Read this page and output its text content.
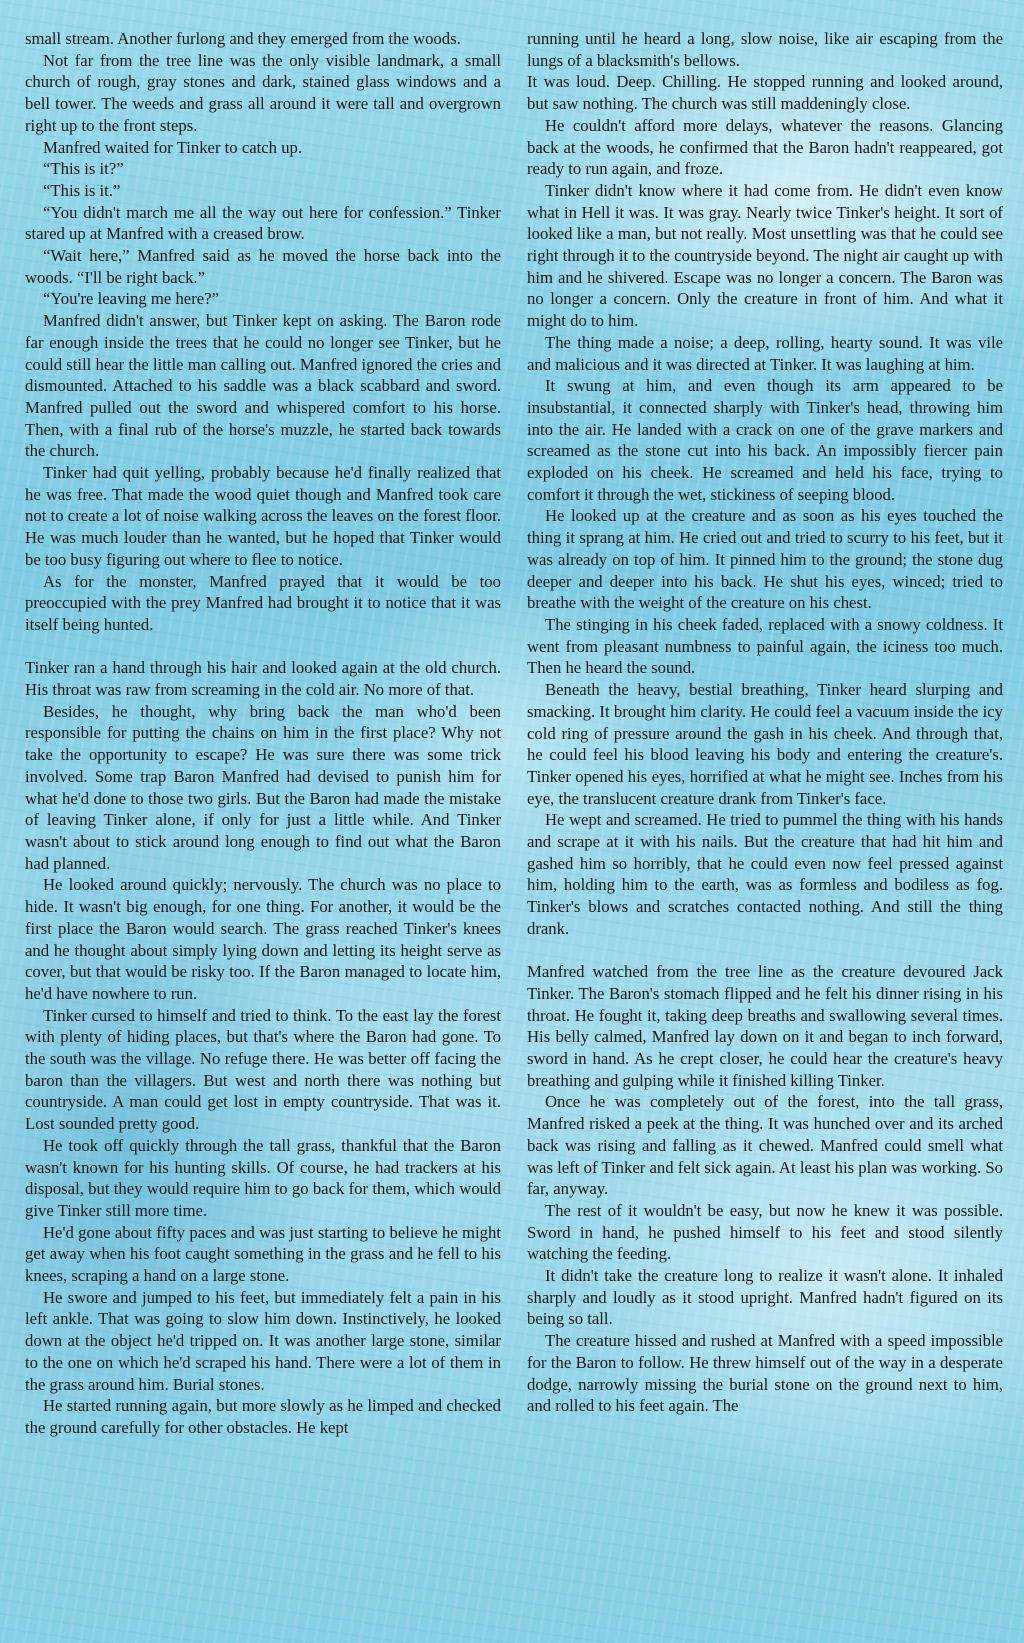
small stream. Another furlong and they emerged from the woods.

Not far from the tree line was the only visible landmark, a small church of rough, gray stones and dark, stained glass windows and a bell tower. The weeds and grass all around it were tall and overgrown right up to the front steps.

Manfred waited for Tinker to catch up.

“This is it?”

“This is it.”

“You didn't march me all the way out here for confession.” Tinker stared up at Manfred with a creased brow.

“Wait here,” Manfred said as he moved the horse back into the woods. “I'll be right back.”

“You're leaving me here?”

Manfred didn't answer, but Tinker kept on asking. The Baron rode far enough inside the trees that he could no longer see Tinker, but he could still hear the little man calling out. Manfred ignored the cries and dismounted. Attached to his saddle was a black scabbard and sword. Manfred pulled out the sword and whispered comfort to his horse. Then, with a final rub of the horse's muzzle, he started back towards the church.

Tinker had quit yelling, probably because he'd finally realized that he was free. That made the wood quiet though and Manfred took care not to create a lot of noise walking across the leaves on the forest floor. He was much louder than he wanted, but he hoped that Tinker would be too busy figuring out where to flee to notice.

As for the monster, Manfred prayed that it would be too preoccupied with the prey Manfred had brought it to notice that it was itself being hunted.

Tinker ran a hand through his hair and looked again at the old church. His throat was raw from screaming in the cold air. No more of that.

Besides, he thought, why bring back the man who'd been responsible for putting the chains on him in the first place? Why not take the opportunity to escape? He was sure there was some trick involved. Some trap Baron Manfred had devised to punish him for what he'd done to those two girls. But the Baron had made the mistake of leaving Tinker alone, if only for just a little while. And Tinker wasn't about to stick around long enough to find out what the Baron had planned.

He looked around quickly; nervously. The church was no place to hide. It wasn't big enough, for one thing. For another, it would be the first place the Baron would search. The grass reached Tinker's knees and he thought about simply lying down and letting its height serve as cover, but that would be risky too. If the Baron managed to locate him, he'd have nowhere to run.

Tinker cursed to himself and tried to think. To the east lay the forest with plenty of hiding places, but that's where the Baron had gone. To the south was the village. No refuge there. He was better off facing the baron than the villagers. But west and north there was nothing but countryside. A man could get lost in empty countryside. That was it. Lost sounded pretty good.

He took off quickly through the tall grass, thankful that the Baron wasn't known for his hunting skills. Of course, he had trackers at his disposal, but they would require him to go back for them, which would give Tinker still more time.

He'd gone about fifty paces and was just starting to believe he might get away when his foot caught something in the grass and he fell to his knees, scraping a hand on a large stone.

He swore and jumped to his feet, but immediately felt a pain in his left ankle. That was going to slow him down. Instinctively, he looked down at the object he'd tripped on. It was another large stone, similar to the one on which he'd scraped his hand. There were a lot of them in the grass around him. Burial stones.

He started running again, but more slowly as he limped and checked the ground carefully for other obstacles. He kept

running until he heard a long, slow noise, like air escaping from the lungs of a blacksmith's bellows.

It was loud. Deep. Chilling. He stopped running and looked around, but saw nothing. The church was still maddeningly close.

He couldn't afford more delays, whatever the reasons. Glancing back at the woods, he confirmed that the Baron hadn't reappeared, got ready to run again, and froze.

Tinker didn't know where it had come from. He didn't even know what in Hell it was. It was gray. Nearly twice Tinker's height. It sort of looked like a man, but not really. Most unsettling was that he could see right through it to the countryside beyond. The night air caught up with him and he shivered. Escape was no longer a concern. The Baron was no longer a concern. Only the creature in front of him. And what it might do to him.

The thing made a noise; a deep, rolling, hearty sound. It was vile and malicious and it was directed at Tinker. It was laughing at him.

It swung at him, and even though its arm appeared to be insubstantial, it connected sharply with Tinker's head, throwing him into the air. He landed with a crack on one of the grave markers and screamed as the stone cut into his back. An impossibly fiercer pain exploded on his cheek. He screamed and held his face, trying to comfort it through the wet, stickiness of seeping blood.

He looked up at the creature and as soon as his eyes touched the thing it sprang at him. He cried out and tried to scurry to his feet, but it was already on top of him. It pinned him to the ground; the stone dug deeper and deeper into his back. He shut his eyes, winced; tried to breathe with the weight of the creature on his chest.

The stinging in his cheek faded, replaced with a snowy coldness. It went from pleasant numbness to painful again, the iciness too much. Then he heard the sound.

Beneath the heavy, bestial breathing, Tinker heard slurping and smacking. It brought him clarity. He could feel a vacuum inside the icy cold ring of pressure around the gash in his cheek. And through that, he could feel his blood leaving his body and entering the creature's. Tinker opened his eyes, horrified at what he might see. Inches from his eye, the translucent creature drank from Tinker's face.

He wept and screamed. He tried to pummel the thing with his hands and scrape at it with his nails. But the creature that had hit him and gashed him so horribly, that he could even now feel pressed against him, holding him to the earth, was as formless and bodiless as fog. Tinker's blows and scratches contacted nothing. And still the thing drank.

Manfred watched from the tree line as the creature devoured Jack Tinker. The Baron's stomach flipped and he felt his dinner rising in his throat. He fought it, taking deep breaths and swallowing several times. His belly calmed, Manfred lay down on it and began to inch forward, sword in hand. As he crept closer, he could hear the creature's heavy breathing and gulping while it finished killing Tinker.

Once he was completely out of the forest, into the tall grass, Manfred risked a peek at the thing. It was hunched over and its arched back was rising and falling as it chewed. Manfred could smell what was left of Tinker and felt sick again. At least his plan was working. So far, anyway.

The rest of it wouldn't be easy, but now he knew it was possible. Sword in hand, he pushed himself to his feet and stood silently watching the feeding.

It didn't take the creature long to realize it wasn't alone. It inhaled sharply and loudly as it stood upright. Manfred hadn't figured on its being so tall.

The creature hissed and rushed at Manfred with a speed impossible for the Baron to follow. He threw himself out of the way in a desperate dodge, narrowly missing the burial stone on the ground next to him, and rolled to his feet again. The
